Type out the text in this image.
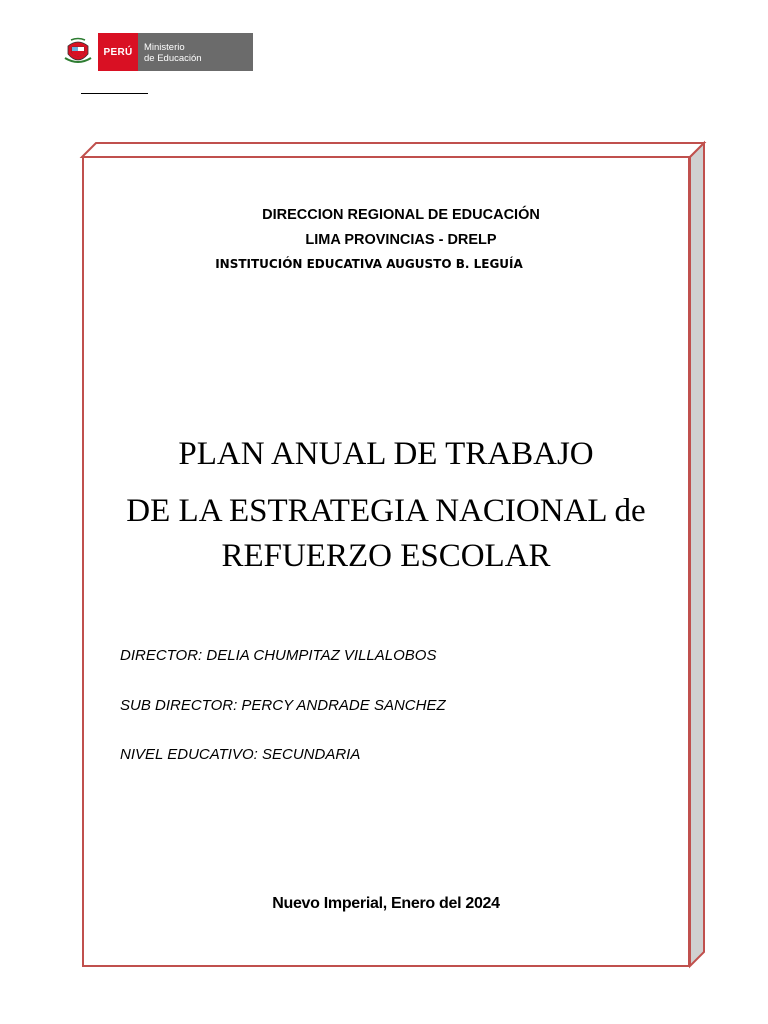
PERÚ	Ministerio
de Educación
DIRECCION REGIONAL DE EDUCACIÓN
LIMA PROVINCIAS - DRELP
INSTITUCIÓN EDUCATIVA AUGUSTO B. LEGUÍA
PLAN ANUAL DE TRABAJO
DE LA ESTRATEGIA NACIONAL de
REFUERZO ESCOLAR
DIRECTOR: DELIA CHUMPITAZ VILLALOBOS
SUB DIRECTOR: PERCY ANDRADE SANCHEZ
NIVEL EDUCATIVO: SECUNDARIA
Nuevo Imperial, Enero del 2024
